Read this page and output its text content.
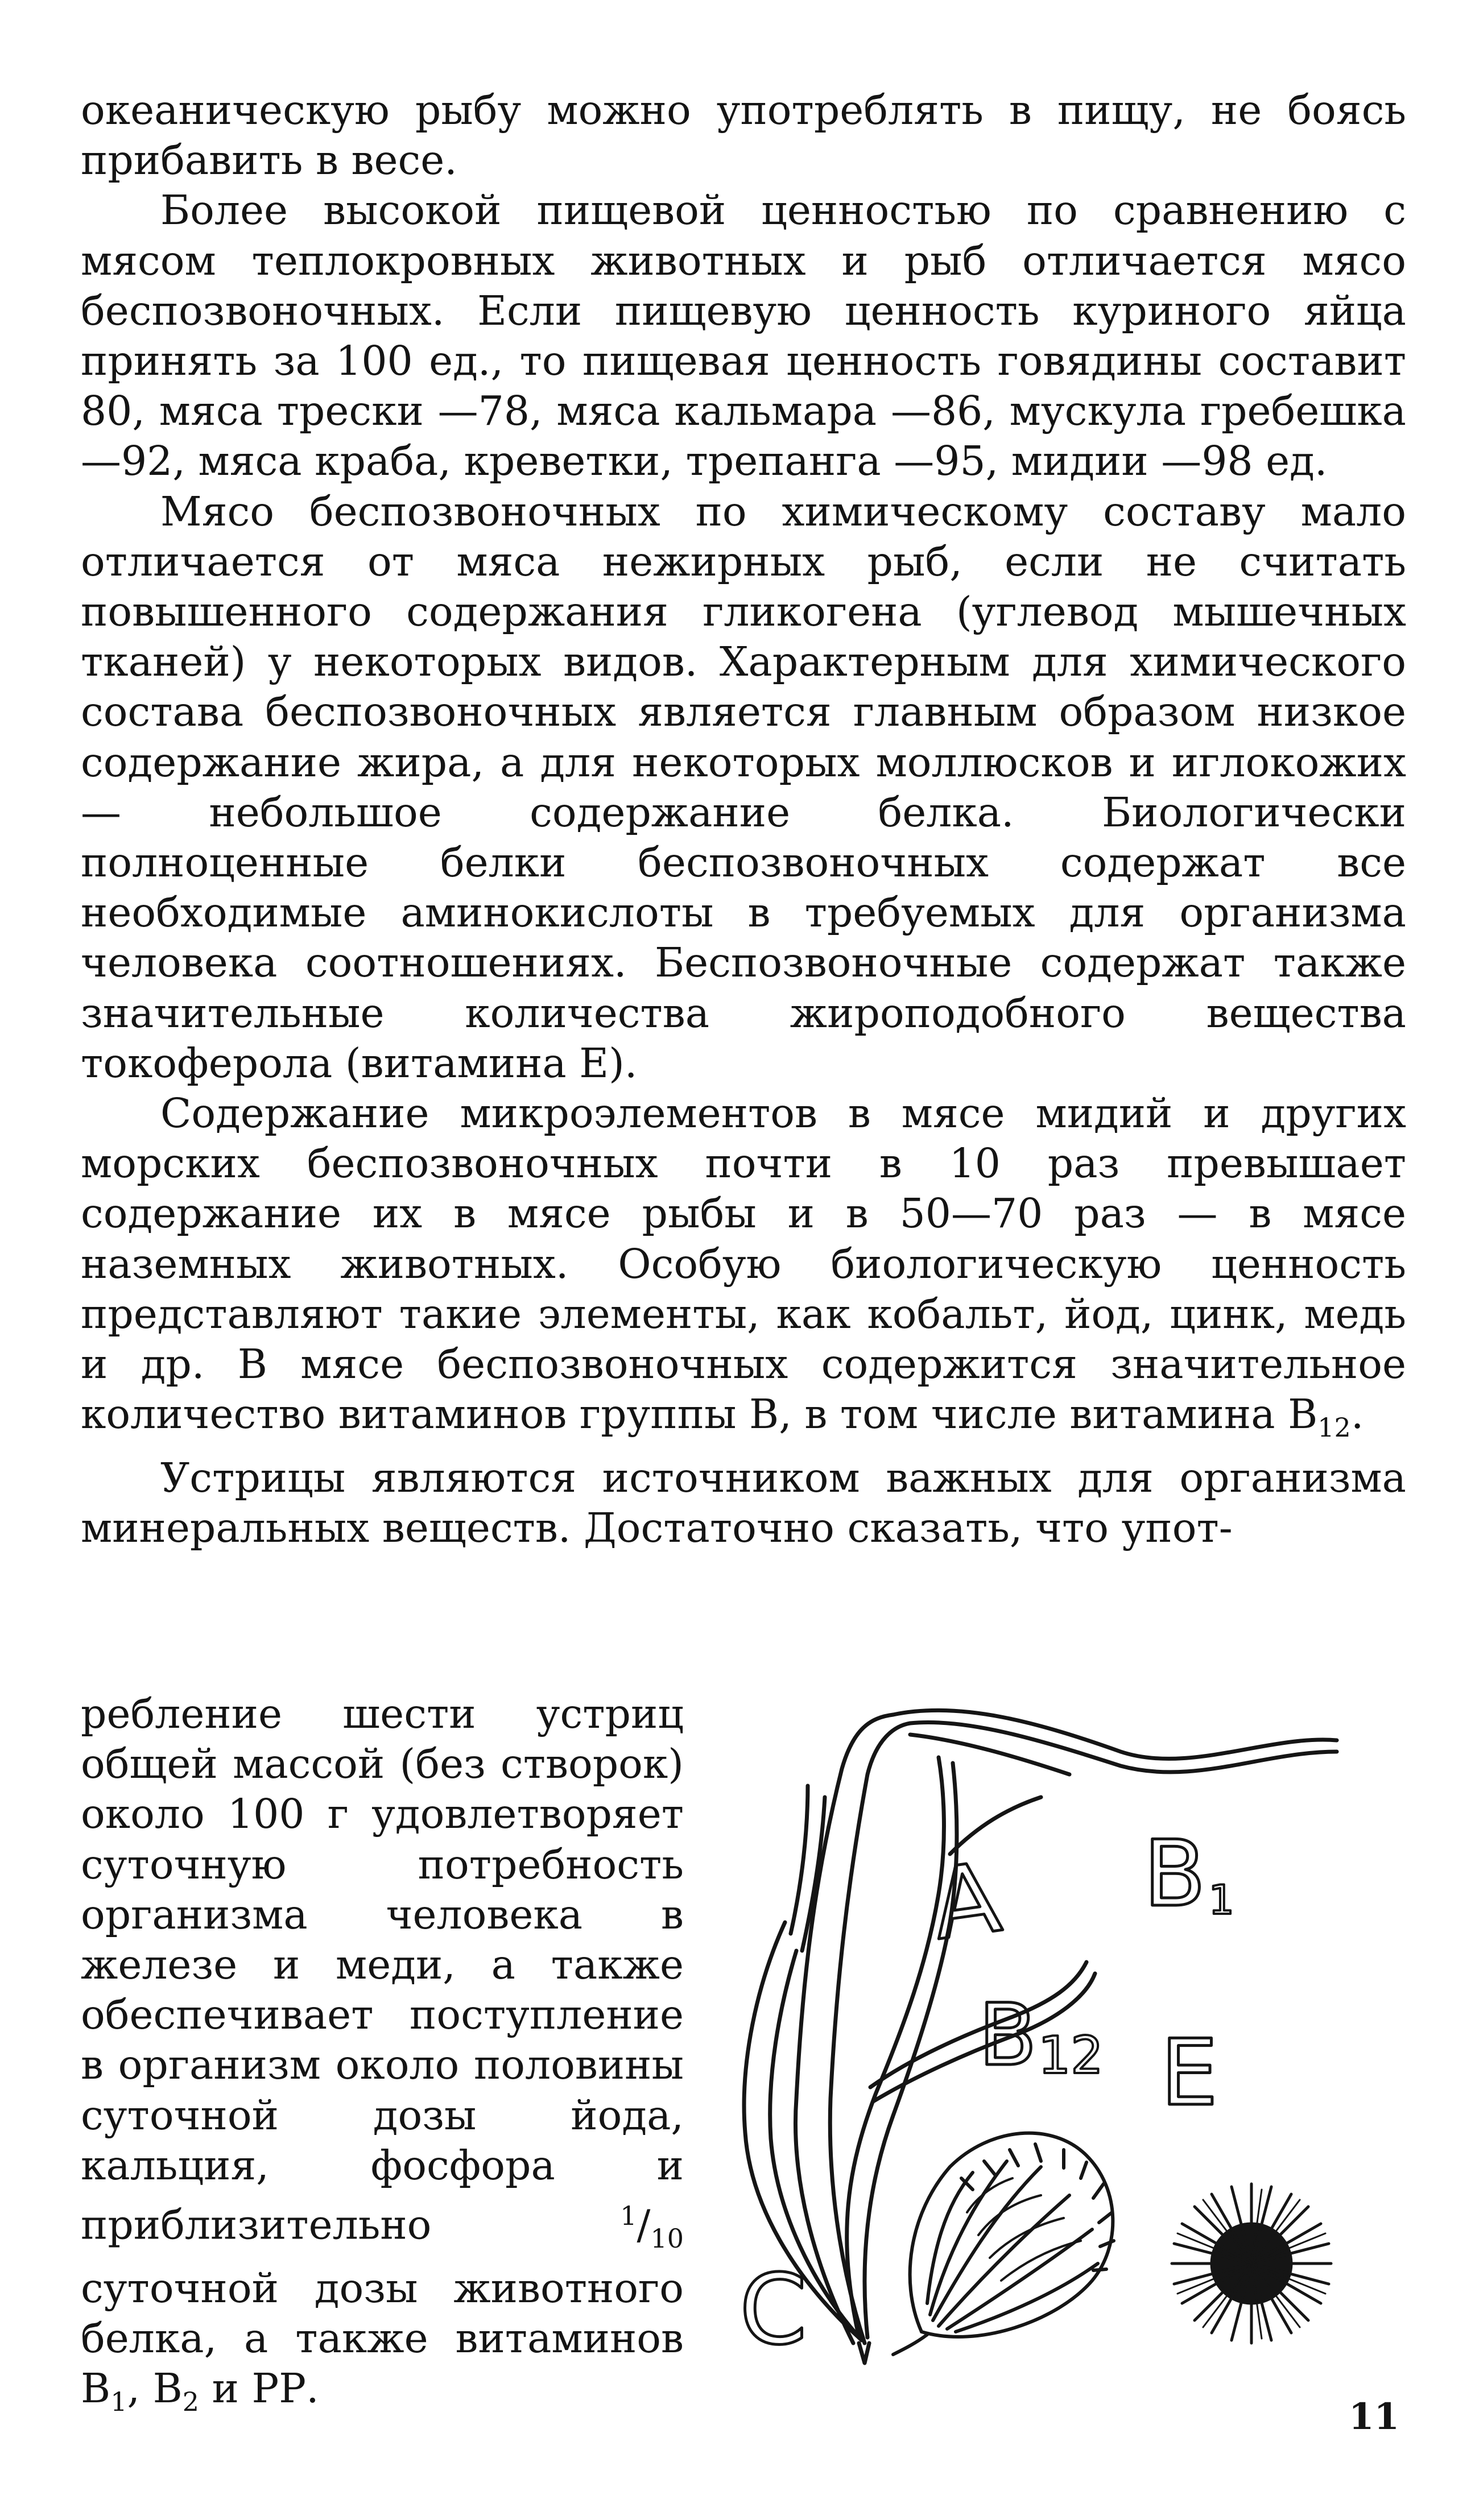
океаническую рыбу можно употреблять в пищу, не боясь прибавить в весе.

Более высокой пищевой ценностью по сравнению с мясом теплокровных животных и рыб отличается мясо беспозвоночных. Если пищевую ценность куриного яйца принять за 100 ед., то пищевая ценность говядины составит 80, мяса трески —78, мяса кальмара —86, мускула гребешка —92, мяса краба, креветки, трепанга —95, мидии —98 ед.

Мясо беспозвоночных по химическому составу мало отличается от мяса нежирных рыб, если не считать повышенного содержания гликогена (углевод мышечных тканей) у некоторых видов. Характерным для химического состава беспозвоночных является главным образом низкое содержание жира, а для некоторых моллюсков и иглокожих — небольшое содержание белка. Биологически полноценные белки беспозвоночных содержат все необходимые аминокислоты в требуемых для организма человека соотношениях. Беспозвоночные содержат также значительные количества жироподобного вещества токоферола (витамина Е).

Содержание микроэлементов в мясе мидий и других морских беспозвоночных почти в 10 раз превышает содержание их в мясе рыбы и в 50—70 раз — в мясе наземных животных. Особую биологическую ценность представляют такие элементы, как кобальт, йод, цинк, медь и др. В мясе беспозвоночных содержится значительное количество витаминов группы В, в том числе витамина $В_{12}$.

Устрицы являются источником важных для организма минеральных веществ. Достаточно сказать, что упот-

ребление шести устриц общей массой (без створок) около 100 г удовлетворяет суточную потребность организма человека в железе и меди, а также обеспечивает поступление в организм около половины суточной дозы йода, кальция, фосфора и приблизительно	$^1/_{10}$ суточной дозы животного белка, а также витаминов $В_1$, $В_2$ и РР.
A B 1
B 12 E
C
11
